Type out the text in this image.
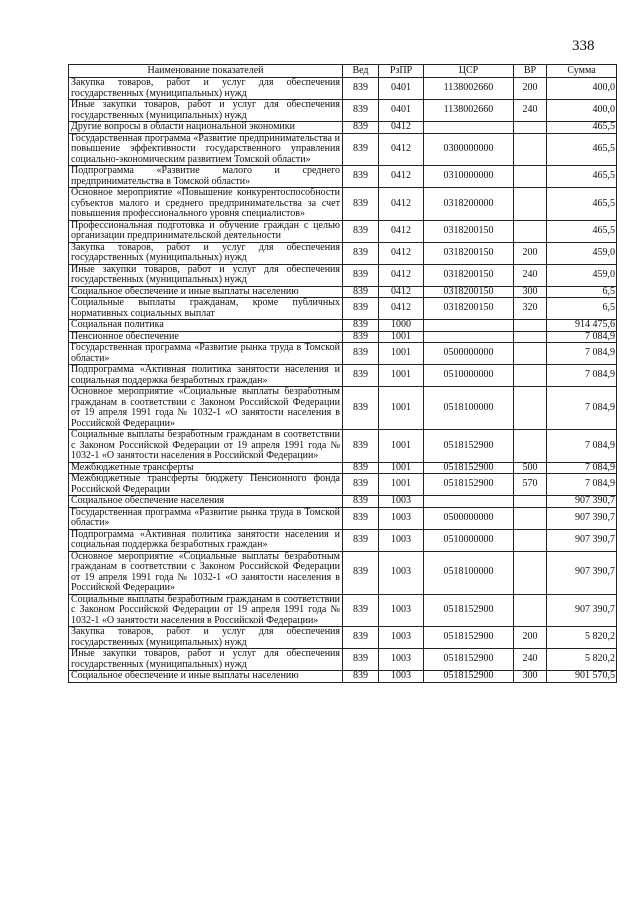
338
Наименование показателей	Вед	РзПР	ЦСР	ВР	Сумма
Закупка товаров, работ и услуг для обеспечения государственных (муниципальных) нужд	839	0401	1138002660	200	400,0
Иные закупки товаров, работ и услуг для обеспечения государственных (муниципальных) нужд	839	0401	1138002660	240	400,0
Другие вопросы в области национальной экономики	839	0412			465,5
Государственная программа «Развитие предпринимательства и повышение эффективности государственного управления социально-экономическим развитием Томской области»	839	0412	0300000000		465,5
Подпрограмма «Развитие малого и среднего предпринимательства в Томской области»	839	0412	0310000000		465,5
Основное мероприятие «Повышение конкурентоспособности субъектов малого и среднего предпринимательства за счет повышения профессионального уровня специалистов»	839	0412	0318200000		465,5
Профессиональная подготовка и обучение граждан с целью организации предпринимательской деятельности	839	0412	0318200150		465,5
Закупка товаров, работ и услуг для обеспечения государственных (муниципальных) нужд	839	0412	0318200150	200	459,0
Иные закупки товаров, работ и услуг для обеспечения государственных (муниципальных) нужд	839	0412	0318200150	240	459,0
Социальное обеспечение и иные выплаты населению	839	0412	0318200150	300	6,5
Социальные выплаты гражданам, кроме публичных нормативных социальных выплат	839	0412	0318200150	320	6,5
Социальная политика	839	1000			914 475,6
Пенсионное обеспечение	839	1001			7 084,9
Государственная программа «Развитие рынка труда в Томской области»	839	1001	0500000000		7 084,9
Подпрограмма «Активная политика занятости населения и социальная поддержка безработных граждан»	839	1001	0510000000		7 084,9
Основное мероприятие «Социальные выплаты безработным гражданам в соответствии с Законом Российской Федерации от 19 апреля 1991 года № 1032-1 «О занятости населения в Российской Федерации»	839	1001	0518100000		7 084,9
Социальные выплаты безработным гражданам в соответствии с Законом Российской Федерации от 19 апреля 1991 года № 1032-1 «О занятости населения в Российской Федерации»	839	1001	0518152900		7 084,9
Межбюджетные трансферты	839	1001	0518152900	500	7 084,9
Межбюджетные трансферты бюджету Пенсионного фонда Российской Федерации	839	1001	0518152900	570	7 084,9
Социальное обеспечение населения	839	1003			907 390,7
Государственная программа «Развитие рынка труда в Томской области»	839	1003	0500000000		907 390,7
Подпрограмма «Активная политика занятости населения и социальная поддержка безработных граждан»	839	1003	0510000000		907 390,7
Основное мероприятие «Социальные выплаты безработным гражданам в соответствии с Законом Российской Федерации от 19 апреля 1991 года № 1032-1 «О занятости населения в Российской Федерации»	839	1003	0518100000		907 390,7
Социальные выплаты безработным гражданам в соответствии с Законом Российской Федерации от 19 апреля 1991 года № 1032-1 «О занятости населения в Российской Федерации»	839	1003	0518152900		907 390,7
Закупка товаров, работ и услуг для обеспечения государственных (муниципальных) нужд	839	1003	0518152900	200	5 820,2
Иные закупки товаров, работ и услуг для обеспечения государственных (муниципальных) нужд	839	1003	0518152900	240	5 820,2
Социальное обеспечение и иные выплаты населению	839	1003	0518152900	300	901 570,5
